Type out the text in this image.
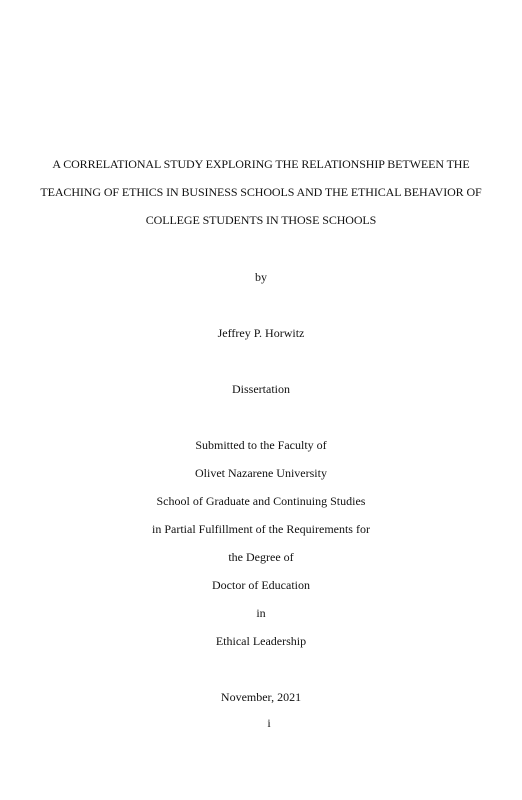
A CORRELATIONAL STUDY EXPLORING THE RELATIONSHIP BETWEEN THE
TEACHING OF ETHICS IN BUSINESS SCHOOLS AND THE ETHICAL BEHAVIOR OF
COLLEGE STUDENTS IN THOSE SCHOOLS
by
Jeffrey P. Horwitz
Dissertation
Submitted to the Faculty of
Olivet Nazarene University
School of Graduate and Continuing Studies
in Partial Fulfillment of the Requirements for
the Degree of
Doctor of Education
in
Ethical Leadership
November, 2021
i
